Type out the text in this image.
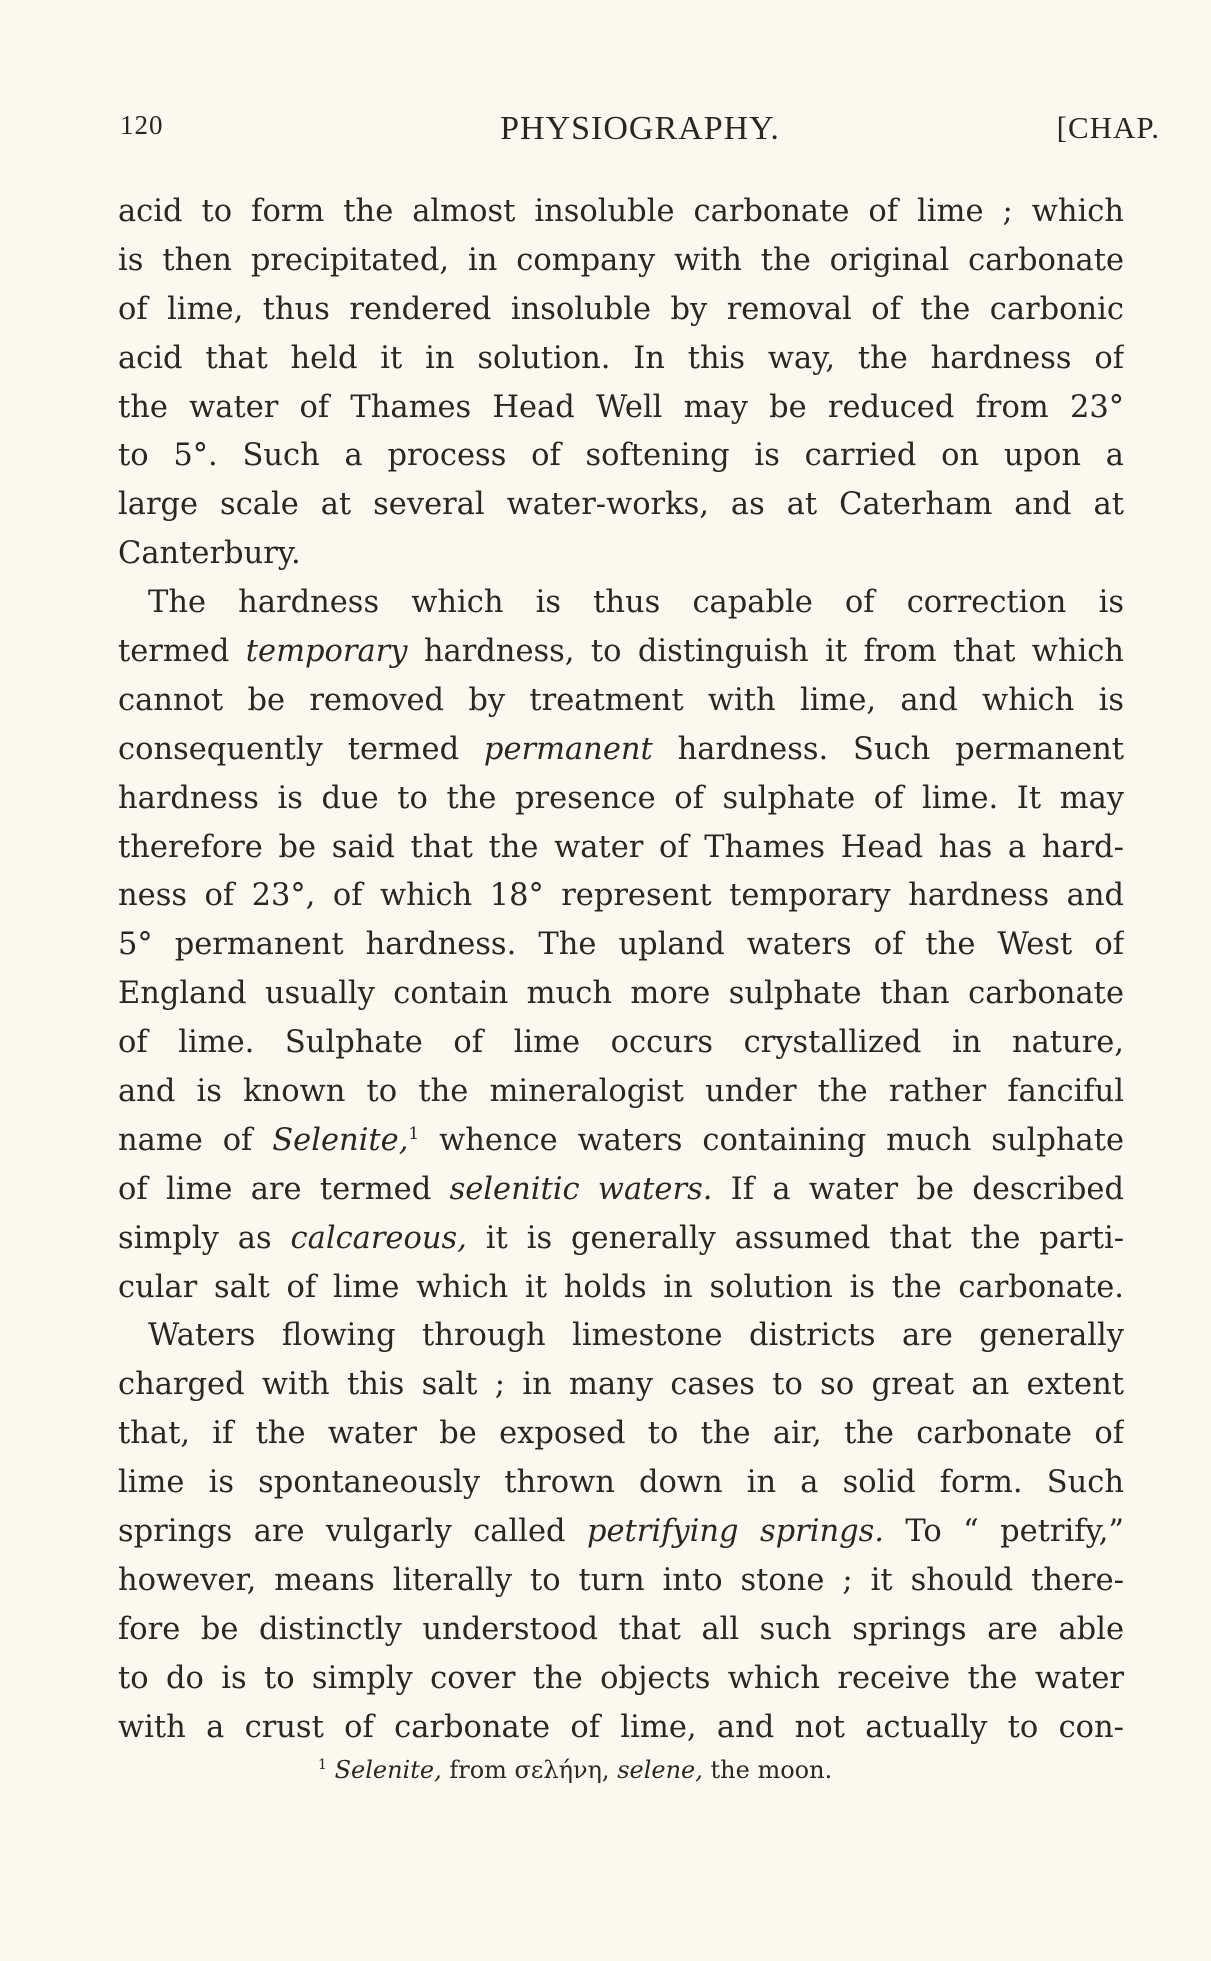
120	PHYSIOGRAPHY.	[CHAP.
acid to form the almost insoluble carbonate of lime ; which
is then precipitated, in company with the original carbonate
of lime, thus rendered insoluble by removal of the carbonic
acid that held it in solution. In this way, the hardness of
the water of Thames Head Well may be reduced from 23°
to 5°. Such a process of softening is carried on upon a
large scale at several water-works, as at Caterham and at
Canterbury.
The hardness which is thus capable of correction is
termed temporary hardness, to distinguish it from that which
cannot be removed by treatment with lime, and which is
consequently termed permanent hardness. Such permanent
hardness is due to the presence of sulphate of lime. It may
therefore be said that the water of Thames Head has a hard-
ness of 23°, of which 18° represent temporary hardness and
5° permanent hardness. The upland waters of the West of
England usually contain much more sulphate than carbonate
of lime. Sulphate of lime occurs crystallized in nature,
and is known to the mineralogist under the rather fanciful
name of Selenite,$^1$ whence waters containing much sulphate
of lime are termed selenitic waters. If a water be described
simply as calcareous, it is generally assumed that the parti-
cular salt of lime which it holds in solution is the carbonate.
Waters flowing through limestone districts are generally
charged with this salt ; in many cases to so great an extent
that, if the water be exposed to the air, the carbonate of
lime is spontaneously thrown down in a solid form. Such
springs are vulgarly called petrifying springs. To “ petrify,”
however, means literally to turn into stone ; it should there-
fore be distinctly understood that all such springs are able
to do is to simply cover the objects which receive the water
with a crust of carbonate of lime, and not actually to con-
$^1$ Selenite, from σελήνη, selene, the moon.
